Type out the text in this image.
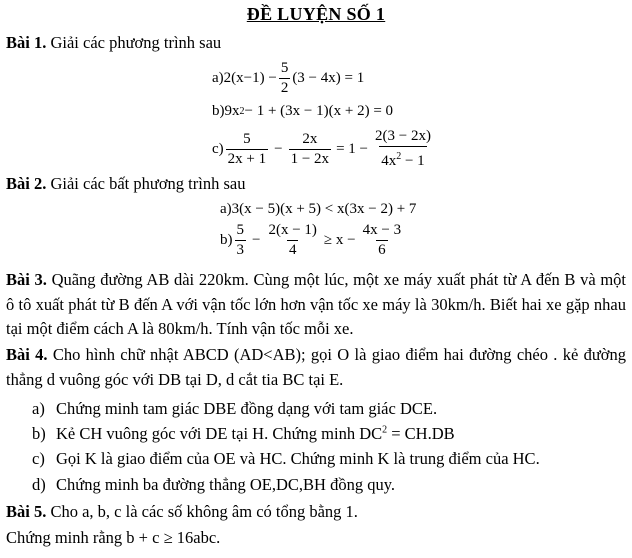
ĐỀ LUYỆN SỐ 1
Bài 1. Giải các phương trình sau
$a)2(x-1) - \frac{5}{2} (3 - 4x) = 1$
b)9x 2 − 1 + (3x − 1)(x + 2) = 0
$c) \frac{5}{2x + 1} - \frac{2x}{1 - 2x} = 1 - \frac{2(3 - 2x)}{4x^2 - 1}$
Bài 2. Giải các bất phương trình sau
a)3(x − 5)(x + 5) < x(3x − 2) + 7
$b) \frac{5}{3} - \frac{2(x - 1)}{4} \ge x - \frac{4x - 3}{6}$
Bài 3. Quãng đường AB dài 220km. Cùng một lúc, một xe máy xuất phát từ A đến B và một ô tô xuất phát từ B đến A với vận tốc lớn hơn vận tốc xe máy là 30km/h. Biết hai xe gặp nhau tại một điểm cách A là 80km/h. Tính vận tốc mỗi xe.
Bài 4. Cho hình chữ nhật ABCD (AD<AB); gọi O là giao điểm hai đường chéo . kẻ đường thẳng d vuông góc với DB tại D, d cắt tia BC tại E.
a) Chứng minh tam giác DBE đồng dạng với tam giác DCE.
b) Kẻ CH vuông góc với DE tại H. Chứng minh $DC^2 = CH.DB$
c) Gọi K là giao điểm của OE và HC. Chứng minh K là trung điểm của HC.
d) Chứng minh ba đường thẳng OE,DC,BH đồng quy.
Bài 5. Cho a, b, c là các số không âm có tổng bằng 1.
Chứng minh rằng b + c ≥ 16abc.
